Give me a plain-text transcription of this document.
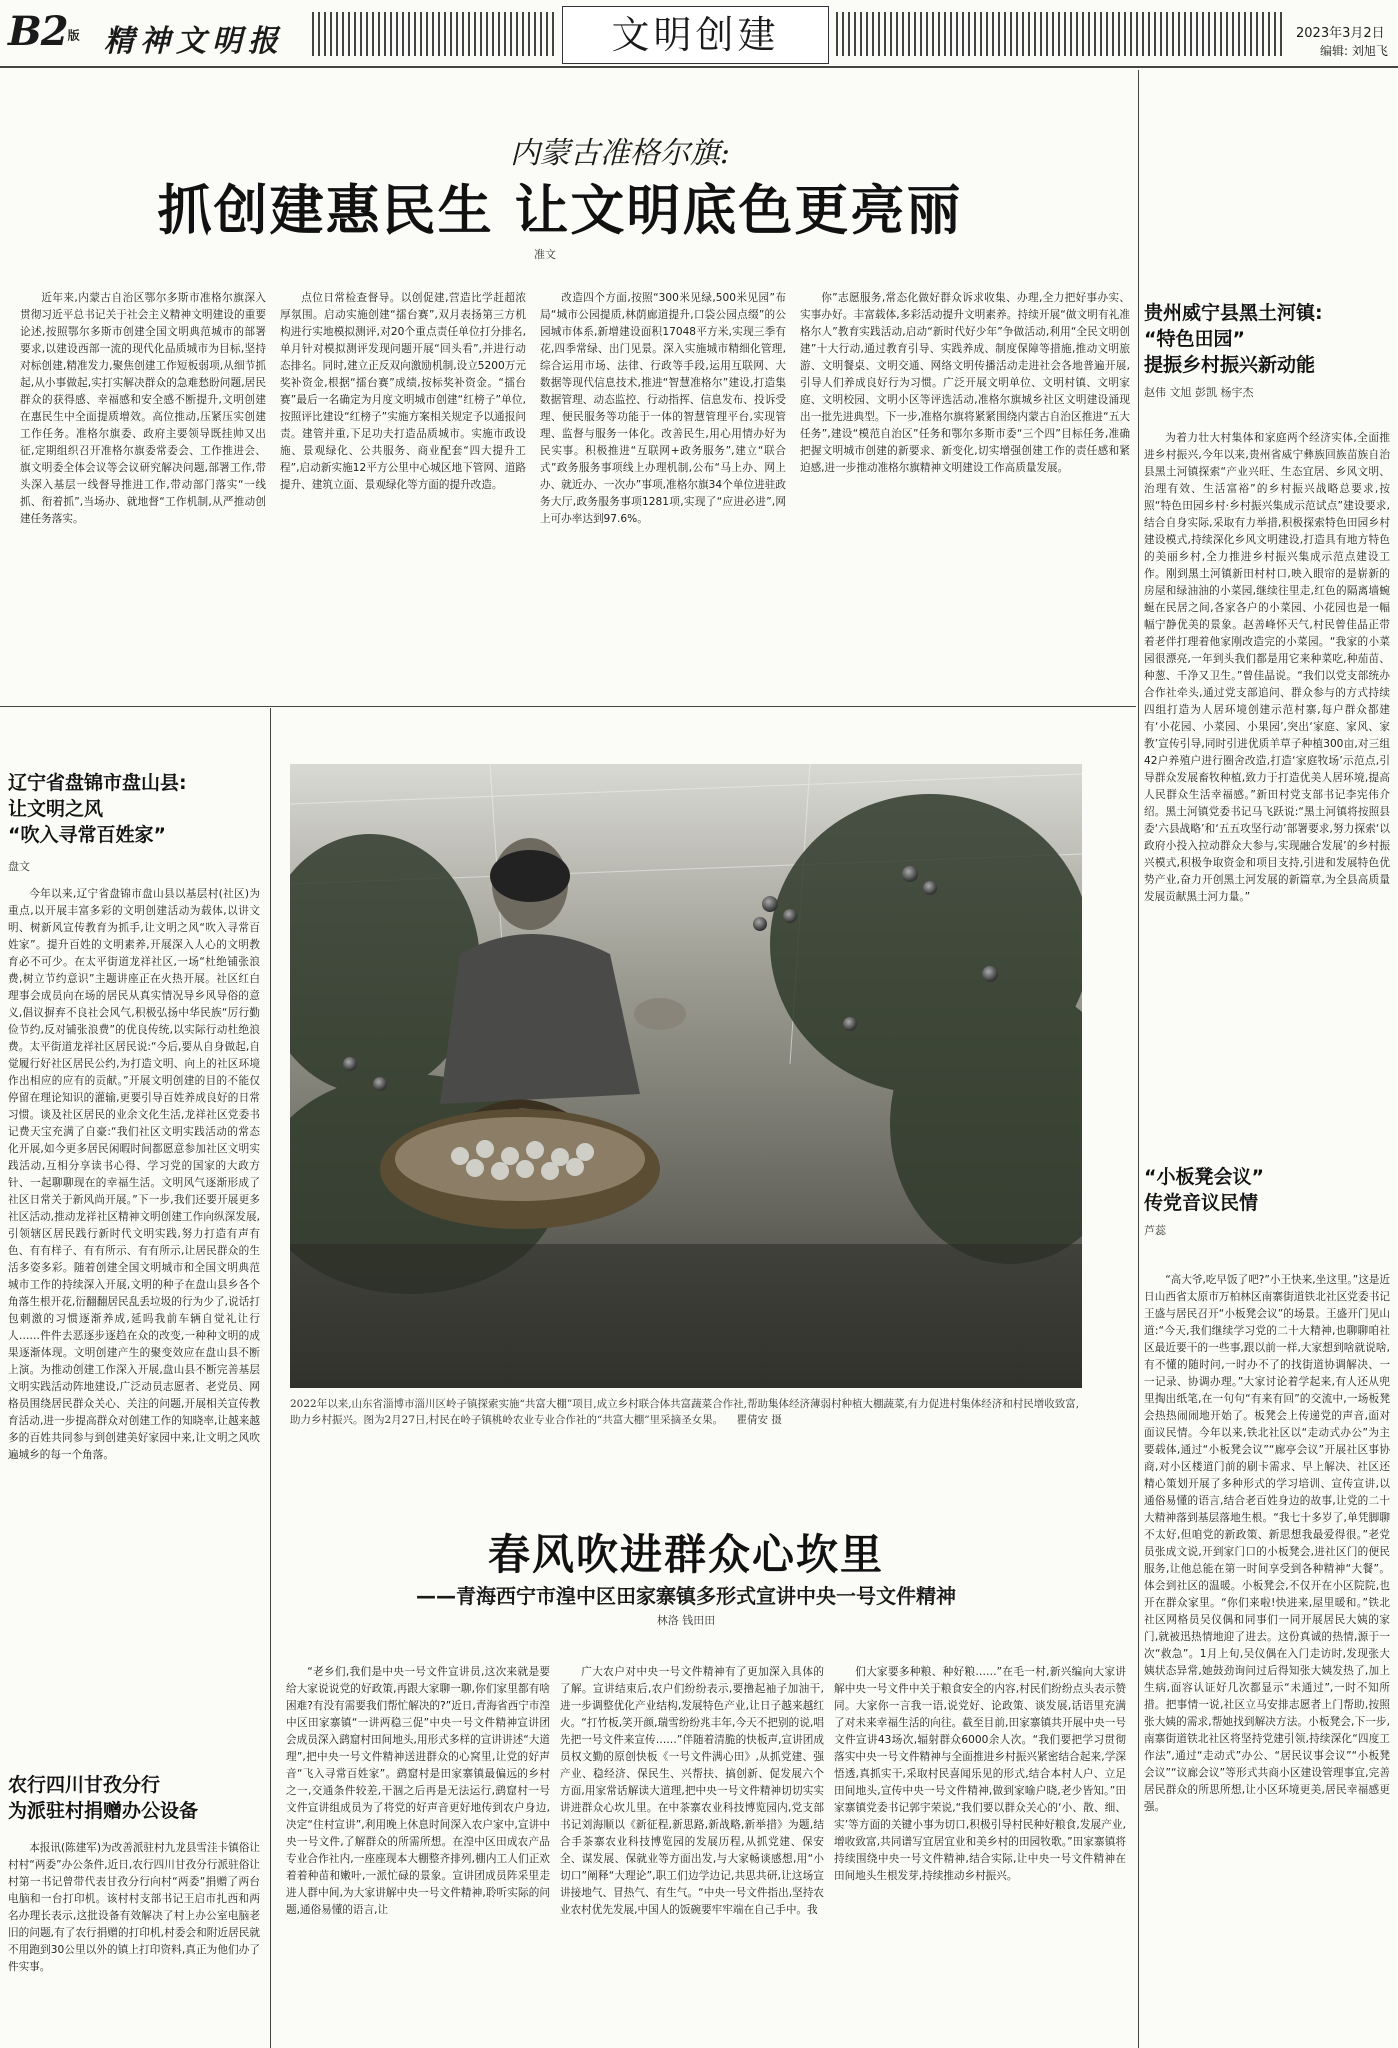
B2版 精神文明报	文明创建	2023年3月2日
编辑: 刘旭飞
内蒙古准格尔旗:
抓创建惠民生 让文明底色更亮丽
准文

近年来,内蒙古自治区鄂尔多斯市准格尔旗深入贯彻习近平总书记关于社会主义精神文明建设的重要论述,按照鄂尔多斯市创建全国文明典范城市的部署要求,以建设西部一流的现代化品质城市为目标,坚持对标创建,精准发力,聚焦创建工作短板弱项,从细节抓起,从小事做起,实打实解决群众的急难愁盼问题,居民群众的获得感、幸福感和安全感不断提升,文明创建在惠民生中全面提质增效。高位推动,压紧压实创建工作任务。准格尔旗委、政府主要领导既挂帅又出征,定期组织召开准格尔旗委常委会、工作推进会、旗文明委全体会议等会议研究解决问题,部署工作,带头深入基层一线督导推进工作,带动部门落实“一线抓、衔着抓”,当场办、就地督“工作机制,从严推动创建任务落实。

点位日常检查督导。以创促建,营造比学赶超浓厚氛围。启动实施创建“擂台赛”,双月表扬第三方机构进行实地模拟测评,对20个重点责任单位打分排名,单月针对模拟测评发现问题开展“回头看”,并进行动态排名。同时,建立正反双向激励机制,设立5200万元奖补资金,根据“擂台赛”成绩,按标奖补资金。“擂台赛”最后一名确定为月度文明城市创建“红榜子”单位,按照评比建设“红榜子”实施方案相关规定予以通报问责。建管并重,下足功夫打造品质城市。实施市政设施、景观绿化、公共服务、商业配套“四大提升工程”,启动新实施12平方公里中心城区地下管网、道路提升、建筑立面、景观绿化等方面的提升改造。

改造四个方面,按照“300米见绿,500米见园”布局“城市公园提质,林荫廊道提升,口袋公园点缀”的公园城市体系,新增建设面积17048平方米,实现三季有花,四季常绿、出门见景。深入实施城市精细化管理,综合运用市场、法律、行政等手段,运用互联网、大数据等现代信息技术,推进“智慧准格尔”建设,打造集数据管理、动态监控、行动指挥、信息发布、投诉受理、便民服务等功能于一体的智慧管理平台,实现管理、监督与服务一体化。改善民生,用心用情办好为民实事。积极推进“互联网+政务服务”,建立“联合式”政务服务事项线上办理机制,公布“马上办、网上办、就近办、一次办”事项,准格尔旗34个单位进驻政务大厅,政务服务事项1281项,实现了“应进必进”,网上可办率达到97.6%。

你”志愿服务,常态化做好群众诉求收集、办理,全力把好事办实、实事办好。丰富载体,多彩活动提升文明素养。持续开展“做文明有礼准格尔人”教育实践活动,启动“新时代好少年”争做活动,利用“全民文明创建”十大行动,通过教育引导、实践养成、制度保障等措施,推动文明旅游、文明餐桌、文明交通、网络文明传播活动走进社会各地普遍开展,引导人们养成良好行为习惯。广泛开展文明单位、文明村镇、文明家庭、文明校园、文明小区等评选活动,准格尔旗城乡社区文明建设涌现出一批先进典型。下一步,准格尔旗将紧紧围绕内蒙古自治区推进“五大任务”,建设“模范自治区”任务和鄂尔多斯市委“三个四”目标任务,准确把握文明城市创建的新要求、新变化,切实增强创建工作的责任感和紧迫感,进一步推动准格尔旗精神文明建设工作高质量发展。

贵州威宁县黑土河镇:
“特色田园”
提振乡村振兴新动能
赵伟 文旭 彭凯 杨宇杰

为着力壮大村集体和家庭两个经济实体,全面推进乡村振兴,今年以来,贵州省威宁彝族回族苗族自治县黑土河镇探索“产业兴旺、生态宜居、乡风文明、治理有效、生活富裕”的乡村振兴战略总要求,按照“特色田园乡村·乡村振兴集成示范试点”建设要求,结合自身实际,采取有力举措,积极探索特色田园乡村建设模式,持续深化乡风文明建设,打造具有地方特色的美丽乡村,全力推进乡村振兴集成示范点建设工作。刚到黑土河镇新田村村口,映入眼帘的是崭新的房屋和绿油油的小菜园,继续往里走,红色的隔离墙蜿蜒在民居之间,各家各户的小菜园、小花园也是一幅幅宁静优美的景象。赵善峰怀天气,村民曾佳晶正带着老伴打理着他家刚改造完的小菜园。“我家的小菜园很漂亮,一年到头我们都是用它来种菜吃,种茄苗、种葱、千净又卫生。”曾佳晶说。“我们以党支部统办合作社牵头,通过党支部追问、群众参与的方式持续四组打造为人居环境创建示范村寨,每户群众都建有‘小花园、小菜园、小果园’,突出‘家庭、家风、家教’宣传引导,同时引进优质羊草子种植300亩,对三组42户养殖户进行圈舍改造,打造‘家庭牧场’示范点,引导群众发展畜牧种植,致力于打造优美人居环境,提高人民群众生活幸福感。”新田村党支部书记李宪伟介绍。黑土河镇党委书记马飞跃说:“黑土河镇将按照县委‘六县战略’和‘五五攻坚行动’部署要求,努力探索‘以政府小投入拉动群众大参与,实现融合发展’的乡村振兴模式,积极争取资金和项目支持,引进和发展特色优势产业,奋力开创黑土河发展的新篇章,为全县高质量发展贡献黑土河力量。”

“小板凳会议”
传党音议民情
芦蕊

“高大爷,吃早饭了吧?”小王快来,坐这里。”这是近日山西省太原市万柏林区南寨街道铁北社区党委书记王盛与居民召开“小板凳会议”的场景。王盛开门见山道:“今天,我们继续学习党的二十大精神,也聊聊咱社区最近要干的一些事,跟以前一样,大家想到啥就说啥,有不懂的随时问,一时办不了的找街道协调解决、一一记录、协调办理。”大家讨论着学起来,有人还从兜里掏出纸笔,在一句句“有来有回”的交流中,一场板凳会热热闹闹地开始了。板凳会上传递党的声音,面对面议民情。今年以来,铁北社区以“走动式办公”为主要载体,通过“小板凳会议”“廊亭会议”开展社区事协商,对小区楼道门前的刷卡需求、早上解决、社区还精心策划开展了多种形式的学习培训、宣传宣讲,以通俗易懂的语言,结合老百姓身边的故事,让党的二十大精神落到基层落地生根。“我七十多岁了,单凭脚聊不太好,但咱党的新政策、新思想我最爱得很。”老党员张成文说,开到家门口的小板凳会,进社区门的便民服务,让他总能在第一时间享受到各种精神“大餐”。体会到社区的温暖。小板凳会,不仅开在小区院院,也开在群众家里。“你们来啦!快进来,屋里暖和。”铁北社区网格员吴仪偶和同事们一同开展居民大姨的家门,就被迅热情地迎了进去。这份真诚的热情,源于一次“救急”。1月上旬,吴仪偶在入门走访时,发现张大姨状态异常,她鼓劲询问过后得知张大姨发热了,加上生病,面容认证好几次都显示“未通过”,一时不知所措。把事情一说,社区立马安排志愿者上门帮助,按照张大姨的需求,帮她找到解决方法。小板凳会,下一步,南寨街道铁北社区将坚持党建引领,持续深化“四度工作法”,通过“走动式”办公、“居民议事会议”“小板凳会议”“议廊会议”等形式共商小区建设管理事宜,完善居民群众的所思所想,让小区环境更美,居民幸福感更强。

辽宁省盘锦市盘山县:
让文明之风
“吹入寻常百姓家”
盘文

今年以来,辽宁省盘锦市盘山县以基层村(社区)为重点,以开展丰富多彩的文明创建活动为载体,以讲文明、树新风宣传教育为抓手,让文明之风“吹入寻常百姓家”。提升百姓的文明素养,开展深入人心的文明教育必不可少。在太平街道龙祥社区,一场“杜绝铺张浪费,树立节约意识”主题讲座正在火热开展。社区红白理事会成员向在场的居民从真实情况导乡风导俗的意义,倡议摒弃不良社会风气,积极弘扬中华民族“厉行勤俭节约,反对铺张浪费”的优良传统,以实际行动杜绝浪费。太平街道龙祥社区居民说:“今后,要从自身做起,自觉履行好社区居民公约,为打造文明、向上的社区环境作出相应的应有的贡献。”开展文明创建的目的不能仅停留在理论知识的灌输,更要引导百姓养成良好的日常习惯。谈及社区居民的业余文化生活,龙祥社区党委书记费天宝充满了自豪:“我们社区文明实践活动的常态化开展,如今更多居民闲暇时间都愿意参加社区文明实践活动,互相分享读书心得、学习党的国家的大政方针、一起聊聊现在的幸福生活。文明风气逐渐形成了社区日常关于新风尚开展。”下一步,我们还要开展更多社区活动,推动龙祥社区精神文明创建工作向纵深发展,引领辖区居民践行新时代文明实践,努力打造有声有色、有有样子、有有所示、有有所示,让居民群众的生活多姿多彩。随着创建全国文明城市和全国文明典范城市工作的持续深入开展,文明的种子在盘山县乡各个角落生根开花,衍翻翻居民乱丢垃圾的行为少了,说话打包刺激的习惯逐渐养成,延吗我前车辆自觉礼让行人……件件去恶逐步逐趋在众的改变,一种种文明的成果逐渐体现。文明创建产生的聚变效应在盘山县不断上演。为推动创建工作深入开展,盘山县不断完善基层文明实践活动阵地建设,广泛动员志愿者、老党员、网格员围绕居民群众关心、关注的问题,开展相关宣传教育活动,进一步提高群众对创建工作的知晓率,让越来越多的百姓共同参与到创建美好家园中来,让文明之风吹遍城乡的每一个角落。

农行四川甘孜分行
为派驻村捐赠办公设备

本报讯(陈建军)为改善派驻村九龙县雪洼卡镇俗让村村“两委”办公条件,近日,农行四川甘孜分行派驻俗让村第一书记曾带代表甘孜分行向村“两委”捐赠了两台电脑和一台打印机。该村村支部书记王启市扎西和两名办理长表示,这批设备有效解决了村上办公室电脑老旧的问题,有了农行捐赠的打印机,村委会和附近居民就不用跑到30公里以外的镇上打印资料,真正为他们办了件实事。

2022年以来,山东省淄博市淄川区岭子镇探索实施“共富大棚”项目,成立乡村联合体共富蔬菜合作社,帮助集体经济薄弱村种植大棚蔬菜,有力促进村集体经济和村民增收致富,助力乡村振兴。图为2月27日,村民在岭子镇桃岭农业专业合作社的“共富大棚”里采摘圣女果。 瞿倩安 摄
春风吹进群众心坎里
——青海西宁市湟中区田家寨镇多形式宣讲中央一号文件精神
林洛 钱田田

“老乡们,我们是中央一号文件宣讲员,这次来就是要给大家说说党的好政策,再跟大家聊一聊,你们家里都有啥困难?有没有需要我们帮忙解决的?”近日,青海省西宁市湟中区田家寨镇“一讲两稳三促”中央一号文件精神宣讲团会成员深入鹞窟村田间地头,用形式多样的宣讲讲述“大道理”,把中央一号文件精神送进群众的心窝里,让党的好声音“飞入寻常百姓家”。鹞窟村是田家寨镇最偏远的乡村之一,交通条件较差,干涸之后再是无法运行,鹞窟村一号文件宣讲组成员为了将党的好声音更好地传到农户身边,决定“住村宣讲”,利用晚上休息时间深入农户家中,宣讲中央一号文件,了解群众的所需所想。在湟中区田成农产品专业合作社内,一座座现本大棚整齐排列,棚内工人们正欢着着种苗和嫩叶,一派忙碌的景象。宣讲团成员阵采里走进人群中间,为大家讲解中央一号文件精神,聆听实际的问题,通俗易懂的语言,让

广大农户对中央一号文件精神有了更加深入具体的了解。宣讲结束后,农户们纷纷表示,要撸起袖子加油干,进一步调整优化产业结构,发展特色产业,让日子越来越红火。“打竹板,笑开颜,瑞雪纷纷兆丰年,今天不把别的说,唱先把一号文件来宣传……”伴随着清脆的快板声,宣讲团成员权文勤的原创快板《一号文件满心田》,从抓党建、强产业、稳经济、保民生、兴帮扶、搞创新、促发展六个方面,用家常话解读大道理,把中央一号文件精神切切实实讲进群众心坎儿里。在中茶寨农业科技博览园内,党支部书记刘海顺以《新征程,新思路,新战略,新举措》为题,结合手茶寨农业科技博览园的发展历程,从抓党建、保安全、谋发展、保就业等方面出发,与大家畅谈感想,用“小切口”阐释“大理论”,职工们边学边记,共思共研,让这场宣讲接地气、冒热气、有生气。“中央一号文件指出,坚持农业农村优先发展,中国人的饭碗要牢牢端在自己手中。我

们大家要多种粮、种好粮……”在毛一村,新兴编向大家讲解中央一号文件中关于粮食安全的内容,村民们纷纷点头表示赞同。大家你一言我一语,说党好、论政策、谈发展,话语里充满了对未来幸福生活的向往。截至目前,田家寨镇共开展中央一号文件宣讲43场次,辐射群众6000余人次。“我们要把学习贯彻落实中央一号文件精神与全面推进乡村振兴紧密结合起来,学深悟透,真抓实干,采取村民喜闻乐见的形式,结合本村人户、立足田间地头,宣传中央一号文件精神,做到家喻户晓,老少皆知。”田家寨镇党委书记郭宇荣说,“我们要以群众关心的‘小、散、细、实’等方面的关键小事为切口,积极引导村民种好粮食,发展产业,增收致富,共同谱写宜居宜业和美乡村的田园牧歌。”田家寨镇将持续围绕中央一号文件精神,结合实际,让中央一号文件精神在田间地头生根发芽,持续推动乡村振兴。
